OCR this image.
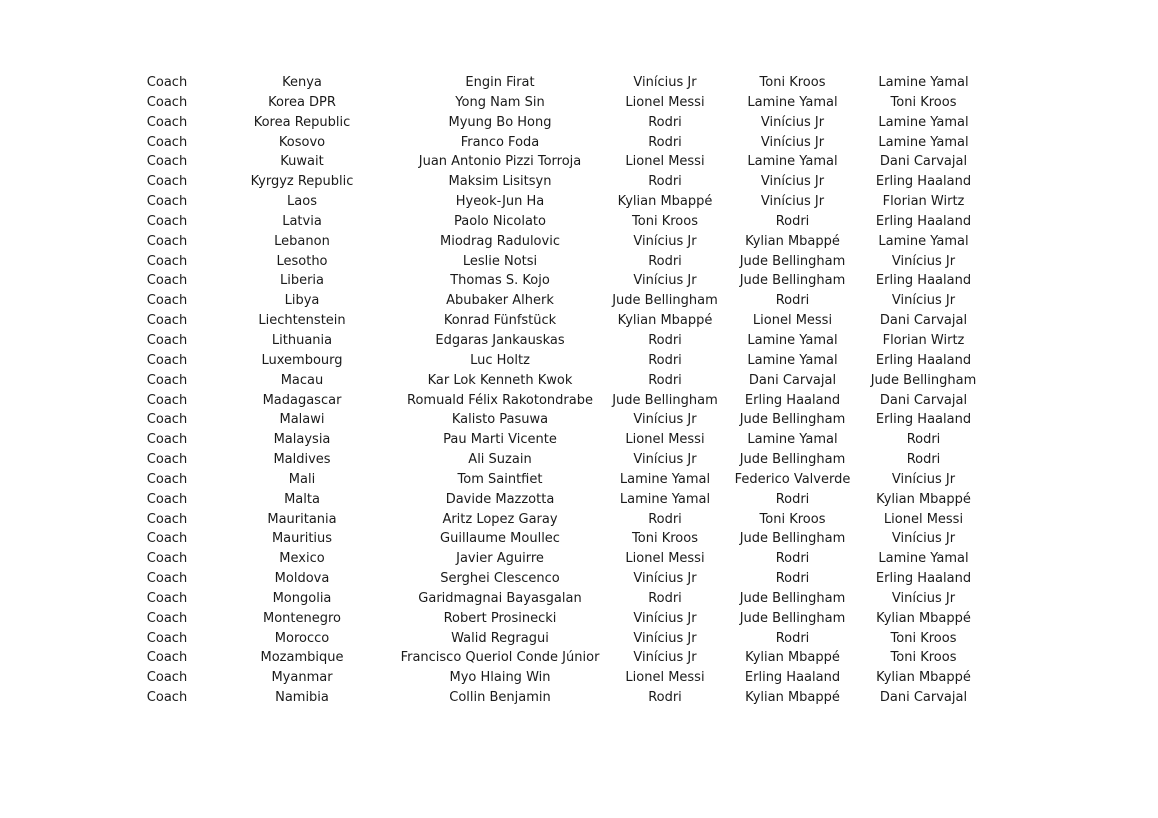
Coach	Kenya	Engin Firat	Vinícius Jr	Toni Kroos	Lamine Yamal
Coach	Korea DPR	Yong Nam Sin	Lionel Messi	Lamine Yamal	Toni Kroos
Coach	Korea Republic	Myung Bo Hong	Rodri	Vinícius Jr	Lamine Yamal
Coach	Kosovo	Franco Foda	Rodri	Vinícius Jr	Lamine Yamal
Coach	Kuwait	Juan Antonio Pizzi Torroja	Lionel Messi	Lamine Yamal	Dani Carvajal
Coach	Kyrgyz Republic	Maksim Lisitsyn	Rodri	Vinícius Jr	Erling Haaland
Coach	Laos	Hyeok-Jun Ha	Kylian Mbappé	Vinícius Jr	Florian Wirtz
Coach	Latvia	Paolo Nicolato	Toni Kroos	Rodri	Erling Haaland
Coach	Lebanon	Miodrag Radulovic	Vinícius Jr	Kylian Mbappé	Lamine Yamal
Coach	Lesotho	Leslie Notsi	Rodri	Jude Bellingham	Vinícius Jr
Coach	Liberia	Thomas S. Kojo	Vinícius Jr	Jude Bellingham	Erling Haaland
Coach	Libya	Abubaker Alherk	Jude Bellingham	Rodri	Vinícius Jr
Coach	Liechtenstein	Konrad Fünfstück	Kylian Mbappé	Lionel Messi	Dani Carvajal
Coach	Lithuania	Edgaras Jankauskas	Rodri	Lamine Yamal	Florian Wirtz
Coach	Luxembourg	Luc Holtz	Rodri	Lamine Yamal	Erling Haaland
Coach	Macau	Kar Lok Kenneth Kwok	Rodri	Dani Carvajal	Jude Bellingham
Coach	Madagascar	Romuald Félix Rakotondrabe	Jude Bellingham	Erling Haaland	Dani Carvajal
Coach	Malawi	Kalisto Pasuwa	Vinícius Jr	Jude Bellingham	Erling Haaland
Coach	Malaysia	Pau Marti Vicente	Lionel Messi	Lamine Yamal	Rodri
Coach	Maldives	Ali Suzain	Vinícius Jr	Jude Bellingham	Rodri
Coach	Mali	Tom Saintfiet	Lamine Yamal	Federico Valverde	Vinícius Jr
Coach	Malta	Davide Mazzotta	Lamine Yamal	Rodri	Kylian Mbappé
Coach	Mauritania	Aritz Lopez Garay	Rodri	Toni Kroos	Lionel Messi
Coach	Mauritius	Guillaume Moullec	Toni Kroos	Jude Bellingham	Vinícius Jr
Coach	Mexico	Javier Aguirre	Lionel Messi	Rodri	Lamine Yamal
Coach	Moldova	Serghei Clescenco	Vinícius Jr	Rodri	Erling Haaland
Coach	Mongolia	Garidmagnai Bayasgalan	Rodri	Jude Bellingham	Vinícius Jr
Coach	Montenegro	Robert Prosinecki	Vinícius Jr	Jude Bellingham	Kylian Mbappé
Coach	Morocco	Walid Regragui	Vinícius Jr	Rodri	Toni Kroos
Coach	Mozambique	Francisco Queriol Conde Júnior	Vinícius Jr	Kylian Mbappé	Toni Kroos
Coach	Myanmar	Myo Hlaing Win	Lionel Messi	Erling Haaland	Kylian Mbappé
Coach	Namibia	Collin Benjamin	Rodri	Kylian Mbappé	Dani Carvajal
